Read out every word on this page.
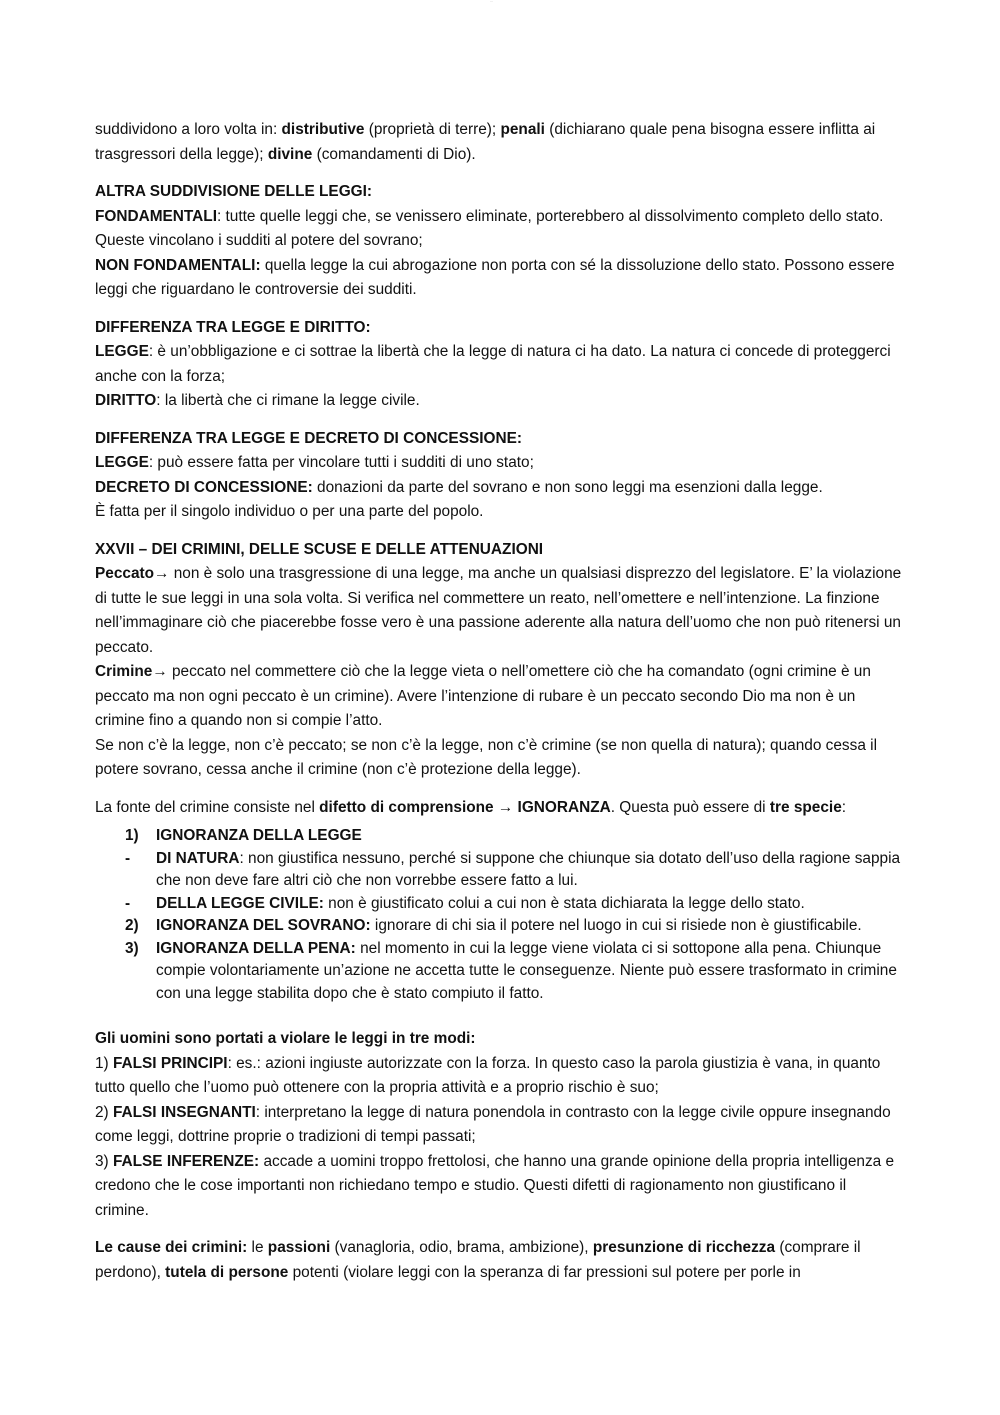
—

suddividono a loro volta in: distributive (proprietà di terre); penali (dichiarano quale pena bisogna essere inflitta ai trasgressori della legge); divine (comandamenti di Dio).

ALTRA SUDDIVISIONE DELLE LEGGI:
FONDAMENTALI: tutte quelle leggi che, se venissero eliminate, porterebbero al dissolvimento completo dello stato. Queste vincolano i sudditi al potere del sovrano;
NON FONDAMENTALI: quella legge la cui abrogazione non porta con sé la dissoluzione dello stato. Possono essere leggi che riguardano le controversie dei sudditi.

DIFFERENZA TRA LEGGE E DIRITTO:
LEGGE: è un’obbligazione e ci sottrae la libertà che la legge di natura ci ha dato. La natura ci concede di proteggerci anche con la forza;
DIRITTO: la libertà che ci rimane la legge civile.

DIFFERENZA TRA LEGGE E DECRETO DI CONCESSIONE:
LEGGE: può essere fatta per vincolare tutti i sudditi di uno stato;
DECRETO DI CONCESSIONE: donazioni da parte del sovrano e non sono leggi ma esenzioni dalla legge.
È fatta per il singolo individuo o per una parte del popolo.

XXVII – DEI CRIMINI, DELLE SCUSE E DELLE ATTENUAZIONI
Peccato→ non è solo una trasgressione di una legge, ma anche un qualsiasi disprezzo del legislatore. E’ la violazione di tutte le sue leggi in una sola volta. Si verifica nel commettere un reato, nell’omettere e nell’intenzione. La finzione nell’immaginare ciò che piacerebbe fosse vero è una passione aderente alla natura dell’uomo che non può ritenersi un peccato.
Crimine→ peccato nel commettere ciò che la legge vieta o nell’omettere ciò che ha comandato (ogni crimine è un peccato ma non ogni peccato è un crimine). Avere l’intenzione di rubare è un peccato secondo Dio ma non è un crimine fino a quando non si compie l’atto.
Se non c’è la legge, non c’è peccato; se non c’è la legge, non c’è crimine (se non quella di natura); quando cessa il potere sovrano, cessa anche il crimine (non c’è protezione della legge).

La fonte del crimine consiste nel difetto di comprensione → IGNORANZA. Questa può essere di tre specie:

1)	IGNORANZA DELLA LEGGE
-	DI NATURA: non giustifica nessuno, perché si suppone che chiunque sia dotato dell’uso della ragione sappia che non deve fare altri ciò che non vorrebbe essere fatto a lui.
-	DELLA LEGGE CIVILE: non è giustificato colui a cui non è stata dichiarata la legge dello stato.
2)	IGNORANZA DEL SOVRANO: ignorare di chi sia il potere nel luogo in cui si risiede non è giustificabile.
3)	IGNORANZA DELLA PENA: nel momento in cui la legge viene violata ci si sottopone alla pena. Chiunque compie volontariamente un’azione ne accetta tutte le conseguenze. Niente può essere trasformato in crimine con una legge stabilita dopo che è stato compiuto il fatto.

Gli uomini sono portati a violare le leggi in tre modi:
1) FALSI PRINCIPI: es.: azioni ingiuste autorizzate con la forza. In questo caso la parola giustizia è vana, in quanto tutto quello che l’uomo può ottenere con la propria attività e a proprio rischio è suo;
2) FALSI INSEGNANTI: interpretano la legge di natura ponendola in contrasto con la legge civile oppure insegnando come leggi, dottrine proprie o tradizioni di tempi passati;
3) FALSE INFERENZE: accade a uomini troppo frettolosi, che hanno una grande opinione della propria intelligenza e credono che le cose importanti non richiedano tempo e studio. Questi difetti di ragionamento non giustificano il crimine.

Le cause dei crimini: le passioni (vanagloria, odio, brama, ambizione), presunzione di ricchezza (comprare il perdono), tutela di persone potenti (violare leggi con la speranza di far pressioni sul potere per porle in
